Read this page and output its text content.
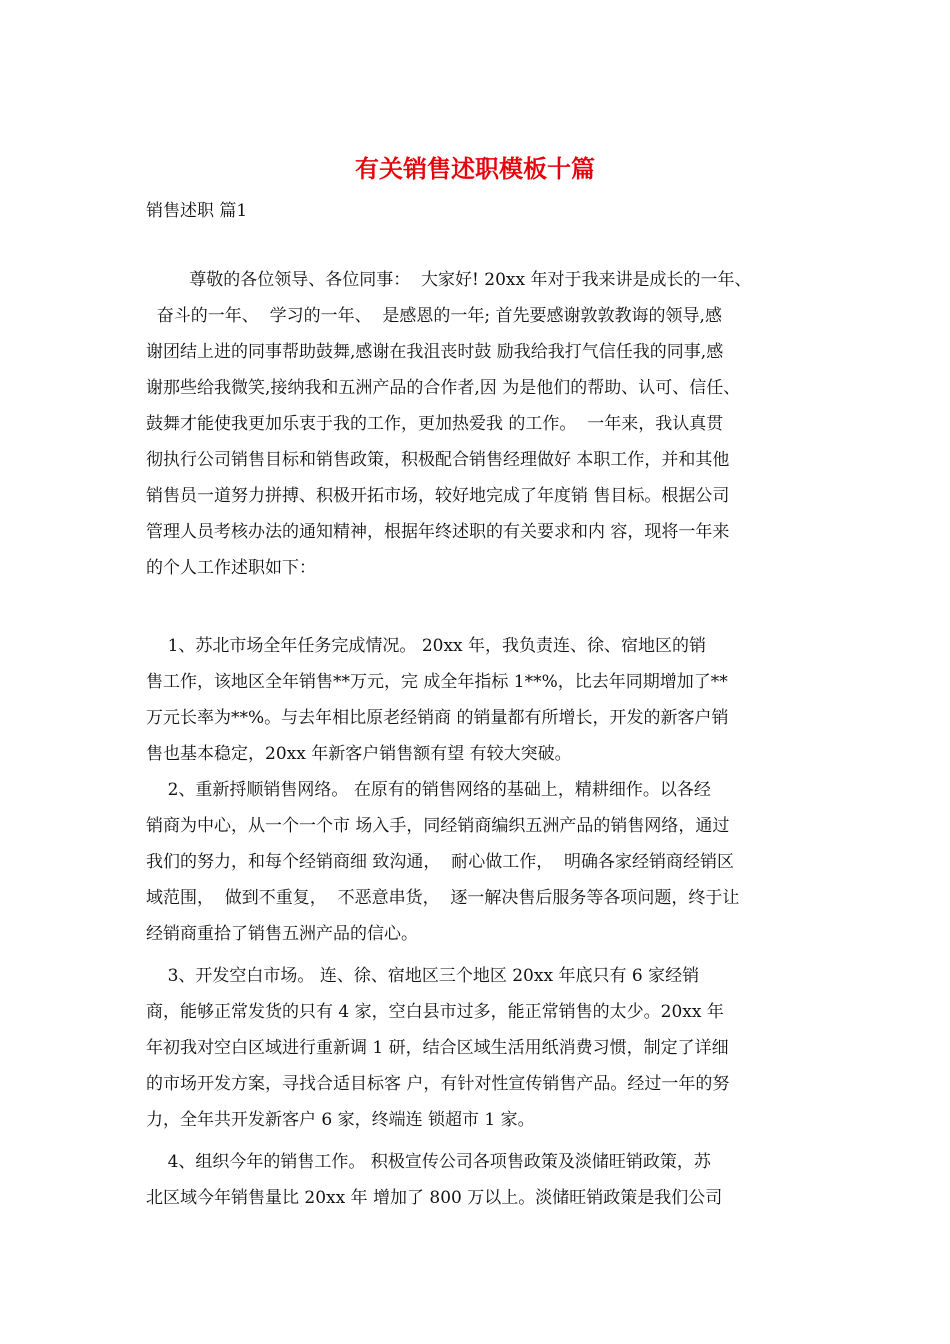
有关销售述职模板十篇
销售述职 篇1
尊敬的各位领导、各位同事：  大家好! 20xx 年对于我来讲是成长的一年、
奋斗的一年、  学习的一年、  是感恩的一年; 首先要感谢敦敦教诲的领导,感
谢团结上进的同事帮助鼓舞,感谢在我沮丧时鼓 励我给我打气信任我的同事,感
谢那些给我微笑,接纳我和五洲产品的合作者,因 为是他们的帮助、认可、信任、
鼓舞才能使我更加乐衷于我的工作，更加热爱我 的工作。  一年来，我认真贯
彻执行公司销售目标和销售政策，积极配合销售经理做好 本职工作，并和其他
销售员一道努力拼搏、积极开拓市场，较好地完成了年度销 售目标。根据公司
管理人员考核办法的通知精神，根据年终述职的有关要求和内 容，现将一年来
的个人工作述职如下：
1、苏北市场全年任务完成情况。 20xx 年，我负责连、徐、宿地区的销
售工作，该地区全年销售**万元，完 成全年指标 1**%，比去年同期增加了**
万元长率为**%。与去年相比原老经销商 的销量都有所增长，开发的新客户销
售也基本稳定，20xx 年新客户销售额有望 有较大突破。
2、重新捋顺销售网络。 在原有的销售网络的基础上，精耕细作。以各经
销商为中心，从一个一个市 场入手，同经销商编织五洲产品的销售网络，通过
我们的努力，和每个经销商细 致沟通，  耐心做工作，  明确各家经销商经销区
域范围，  做到不重复，  不恶意串货，  逐一解决售后服务等各项问题，终于让
经销商重拾了销售五洲产品的信心。
3、开发空白市场。 连、徐、宿地区三个地区 20xx 年底只有 6 家经销
商，能够正常发货的只有 4 家，空白县市过多，能正常销售的太少。20xx 年
年初我对空白区域进行重新调 1 研，结合区域生活用纸消费习惯，制定了详细
的市场开发方案，寻找合适目标客 户，有针对性宣传销售产品。经过一年的努
力，全年共开发新客户 6 家，终端连 锁超市 1 家。
4、组织今年的销售工作。 积极宣传公司各项售政策及淡储旺销政策，苏
北区域今年销售量比 20xx 年 增加了 800 万以上。淡储旺销政策是我们公司
